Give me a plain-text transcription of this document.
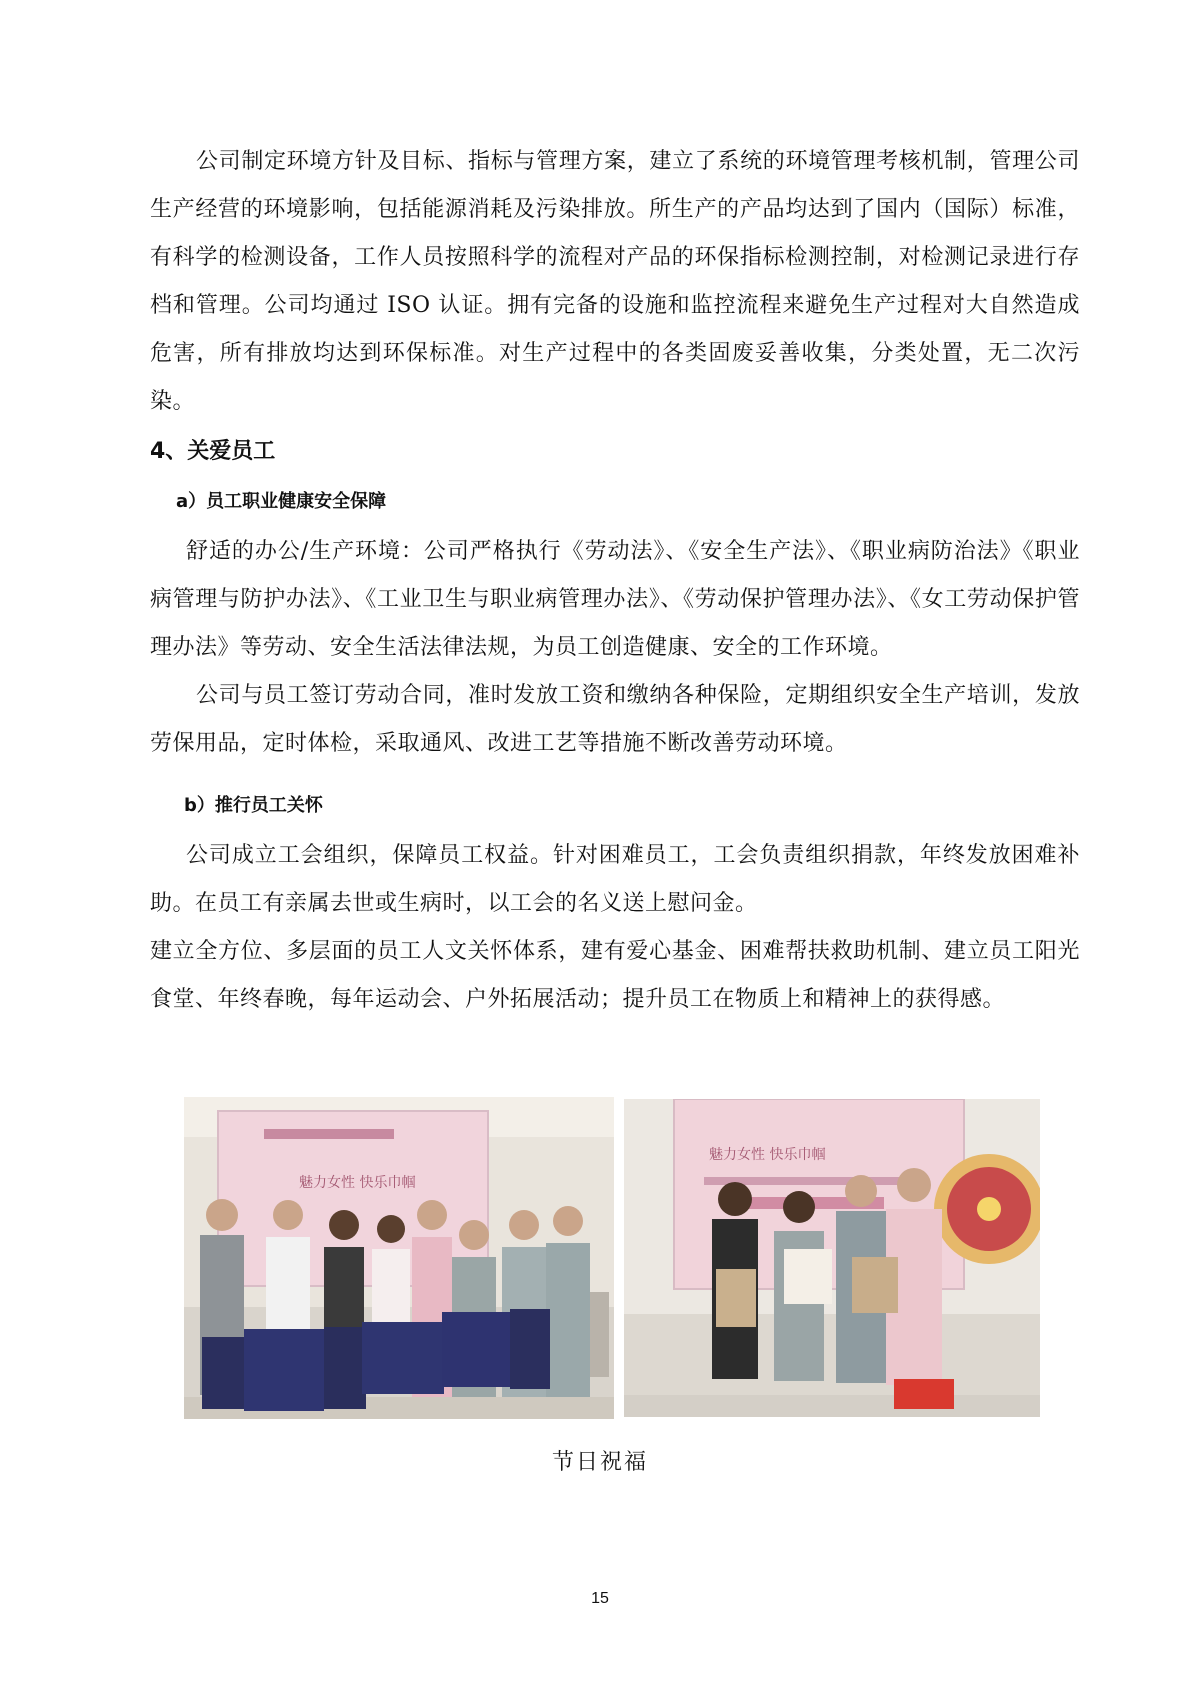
公司制定环境方针及目标、指标与管理方案，建立了系统的环境管理考核机制，管理公司生产经营的环境影响，包括能源消耗及污染排放。所生产的产品均达到了国内（国际）标准，有科学的检测设备，工作人员按照科学的流程对产品的环保指标检测控制，对检测记录进行存档和管理。公司均通过 ISO 认证。拥有完备的设施和监控流程来避免生产过程对大自然造成危害，所有排放均达到环保标准。对生产过程中的各类固废妥善收集，分类处置，无二次污染。

4、关爱员工
a）员工职业健康安全保障

舒适的办公/生产环境：公司严格执行《劳动法》、《安全生产法》、《职业病防治法》《职业病管理与防护办法》、《工业卫生与职业病管理办法》、《劳动保护管理办法》、《女工劳动保护管理办法》等劳动、安全生活法律法规，为员工创造健康、安全的工作环境。

公司与员工签订劳动合同，准时发放工资和缴纳各种保险，定期组织安全生产培训，发放劳保用品，定时体检，采取通风、改进工艺等措施不断改善劳动环境。

b）推行员工关怀

公司成立工会组织，保障员工权益。针对困难员工，工会负责组织捐款，年终发放困难补助。在员工有亲属去世或生病时，以工会的名义送上慰问金。

建立全方位、多层面的员工人文关怀体系，建有爱心基金、困难帮扶救助机制、建立员工阳光食堂、年终春晚，每年运动会、户外拓展活动；提升员工在物质上和精神上的获得感。

魅力女性 快乐巾帼
魅力女性 快乐巾帼
节日祝福
15
